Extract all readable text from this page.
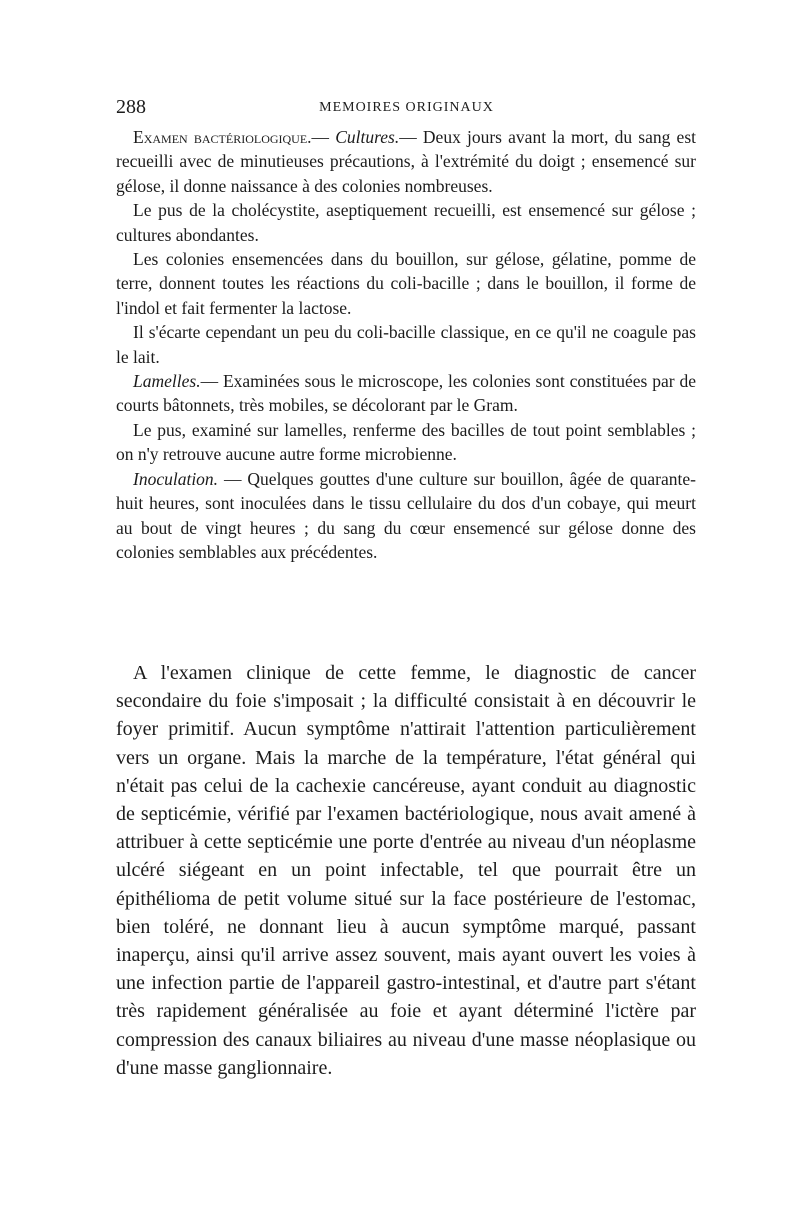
288	MEMOIRES ORIGINAUX

Examen bactériologique.— Cultures.— Deux jours avant la mort, du sang est recueilli avec de minutieuses précautions, à l'extrémité du doigt ; ensemencé sur gélose, il donne naissance à des colonies nombreuses.

Le pus de la cholécystite, aseptiquement recueilli, est ensemencé sur gélose ; cultures abondantes.

Les colonies ensemencées dans du bouillon, sur gélose, gélatine, pomme de terre, donnent toutes les réactions du coli-bacille ; dans le bouillon, il forme de l'indol et fait fermenter la lactose.

Il s'écarte cependant un peu du coli-bacille classique, en ce qu'il ne coagule pas le lait.

Lamelles.— Examinées sous le microscope, les colonies sont constituées par de courts bâtonnets, très mobiles, se décolorant par le Gram.

Le pus, examiné sur lamelles, renferme des bacilles de tout point semblables ; on n'y retrouve aucune autre forme microbienne.

Inoculation. — Quelques gouttes d'une culture sur bouillon, âgée de quarante-huit heures, sont inoculées dans le tissu cellulaire du dos d'un cobaye, qui meurt au bout de vingt heures ; du sang du cœur ensemencé sur gélose donne des colonies semblables aux précédentes.

A l'examen clinique de cette femme, le diagnostic de cancer secondaire du foie s'imposait ; la difficulté consistait à en découvrir le foyer primitif. Aucun symptôme n'attirait l'attention particulièrement vers un organe. Mais la marche de la température, l'état général qui n'était pas celui de la cachexie cancéreuse, ayant conduit au diagnostic de septicémie, vérifié par l'examen bactériologique, nous avait amené à attribuer à cette septicémie une porte d'entrée au niveau d'un néoplasme ulcéré siégeant en un point infectable, tel que pourrait être un épithélioma de petit volume situé sur la face postérieure de l'estomac, bien toléré, ne donnant lieu à aucun symptôme marqué, passant inaperçu, ainsi qu'il arrive assez souvent, mais ayant ouvert les voies à une infection partie de l'appareil gastro-intestinal, et d'autre part s'étant très rapidement généralisée au foie et ayant déterminé l'ictère par compression des canaux biliaires au niveau d'une masse néoplasique ou d'une masse ganglionnaire.
